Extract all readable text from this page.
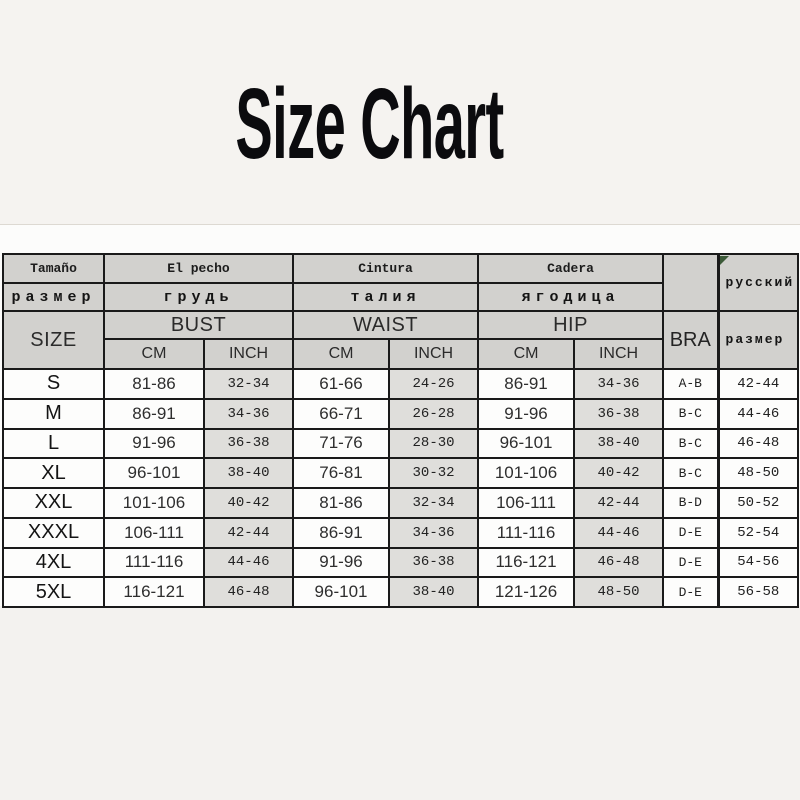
Size Chart
Tamaño	El pecho		Cintura		Cadera			русский
размер	грудь		талия		ягодица			
SIZE	BUST		WAIST		HIP		BRA	размер
	CM	INCH	CM	INCH	CM	INCH		
S	81-86	32-34	61-66	24-26	86-91	34-36	A-B	42-44
M	86-91	34-36	66-71	26-28	91-96	36-38	B-C	44-46
L	91-96	36-38	71-76	28-30	96-101	38-40	B-C	46-48
XL	96-101	38-40	76-81	30-32	101-106	40-42	B-C	48-50
XXL	101-106	40-42	81-86	32-34	106-111	42-44	B-D	50-52
XXXL	106-111	42-44	86-91	34-36	111-116	44-46	D-E	52-54
4XL	111-116	44-46	91-96	36-38	116-121	46-48	D-E	54-56
5XL	116-121	46-48	96-101	38-40	121-126	48-50	D-E	56-58
